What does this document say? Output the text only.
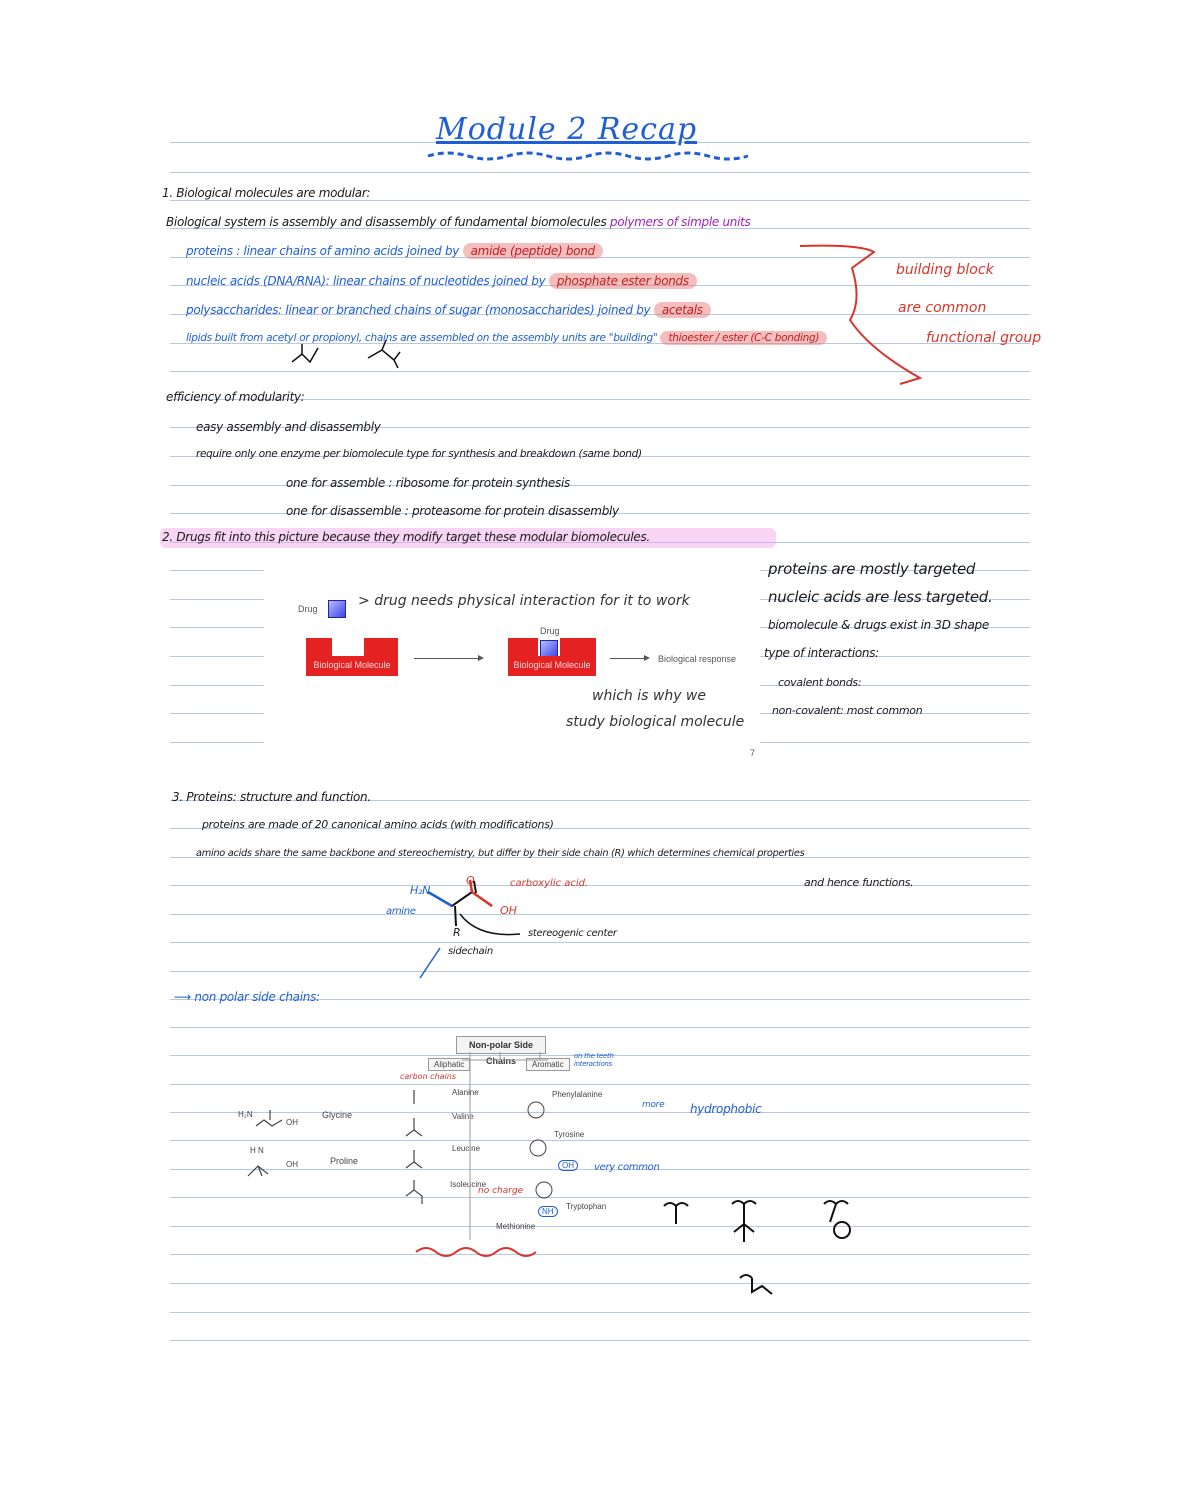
Module 2 Recap
1. Biological molecules are modular:
Biological system is assembly and disassembly of fundamental biomolecules polymers of simple units
proteins : linear chains of amino acids joined by amide (peptide) bond
nucleic acids (DNA/RNA): linear chains of nucleotides joined by phosphate ester bonds
polysaccharides: linear or branched chains of sugar (monosaccharides) joined by acetals
lipids built from acetyl or propionyl, chains are assembled on the assembly units are "building" thioester / ester (C-C bonding)
building block
are common
functional group
efficiency of modularity:
easy assembly and disassembly
require only one enzyme per biomolecule type for synthesis and breakdown (same bond)
one for assemble : ribosome for protein synthesis
one for disassemble : proteasome for protein disassembly
2. Drugs fit into this picture because they modify target these modular biomolecules.
Drug	> drug needs physical interaction for it to work
Biological Molecule
Drug
Biological Molecule
Biological response
which is why we
study biological molecule
7
proteins are mostly targeted
nucleic acids are less targeted.
biomolecule & drugs exist in 3D shape
type of interactions:
covalent bonds:
non-covalent: most common
3. Proteins: structure and function.
proteins are made of 20 canonical amino acids (with modifications)
amino acids share the same backbone and stereochemistry, but differ by their side chain (R) which determines chemical properties
and hence functions.
carboxylic acid.
amine
stereogenic center
sidechain
H₂N
OH
O
R
⟶ non polar side chains:
Non-polar Side Chains
Aliphatic	Aromatic
Alanine
Valine
Leucine
Isoleucine
Methionine
Phenylalanine
Tyrosine
Tryptophan
Glycine
Proline
H₂N
OH
H N
OH	OH
NH
carbon chains
on the teeth interactions
more hydrophobic
very common
no charge
